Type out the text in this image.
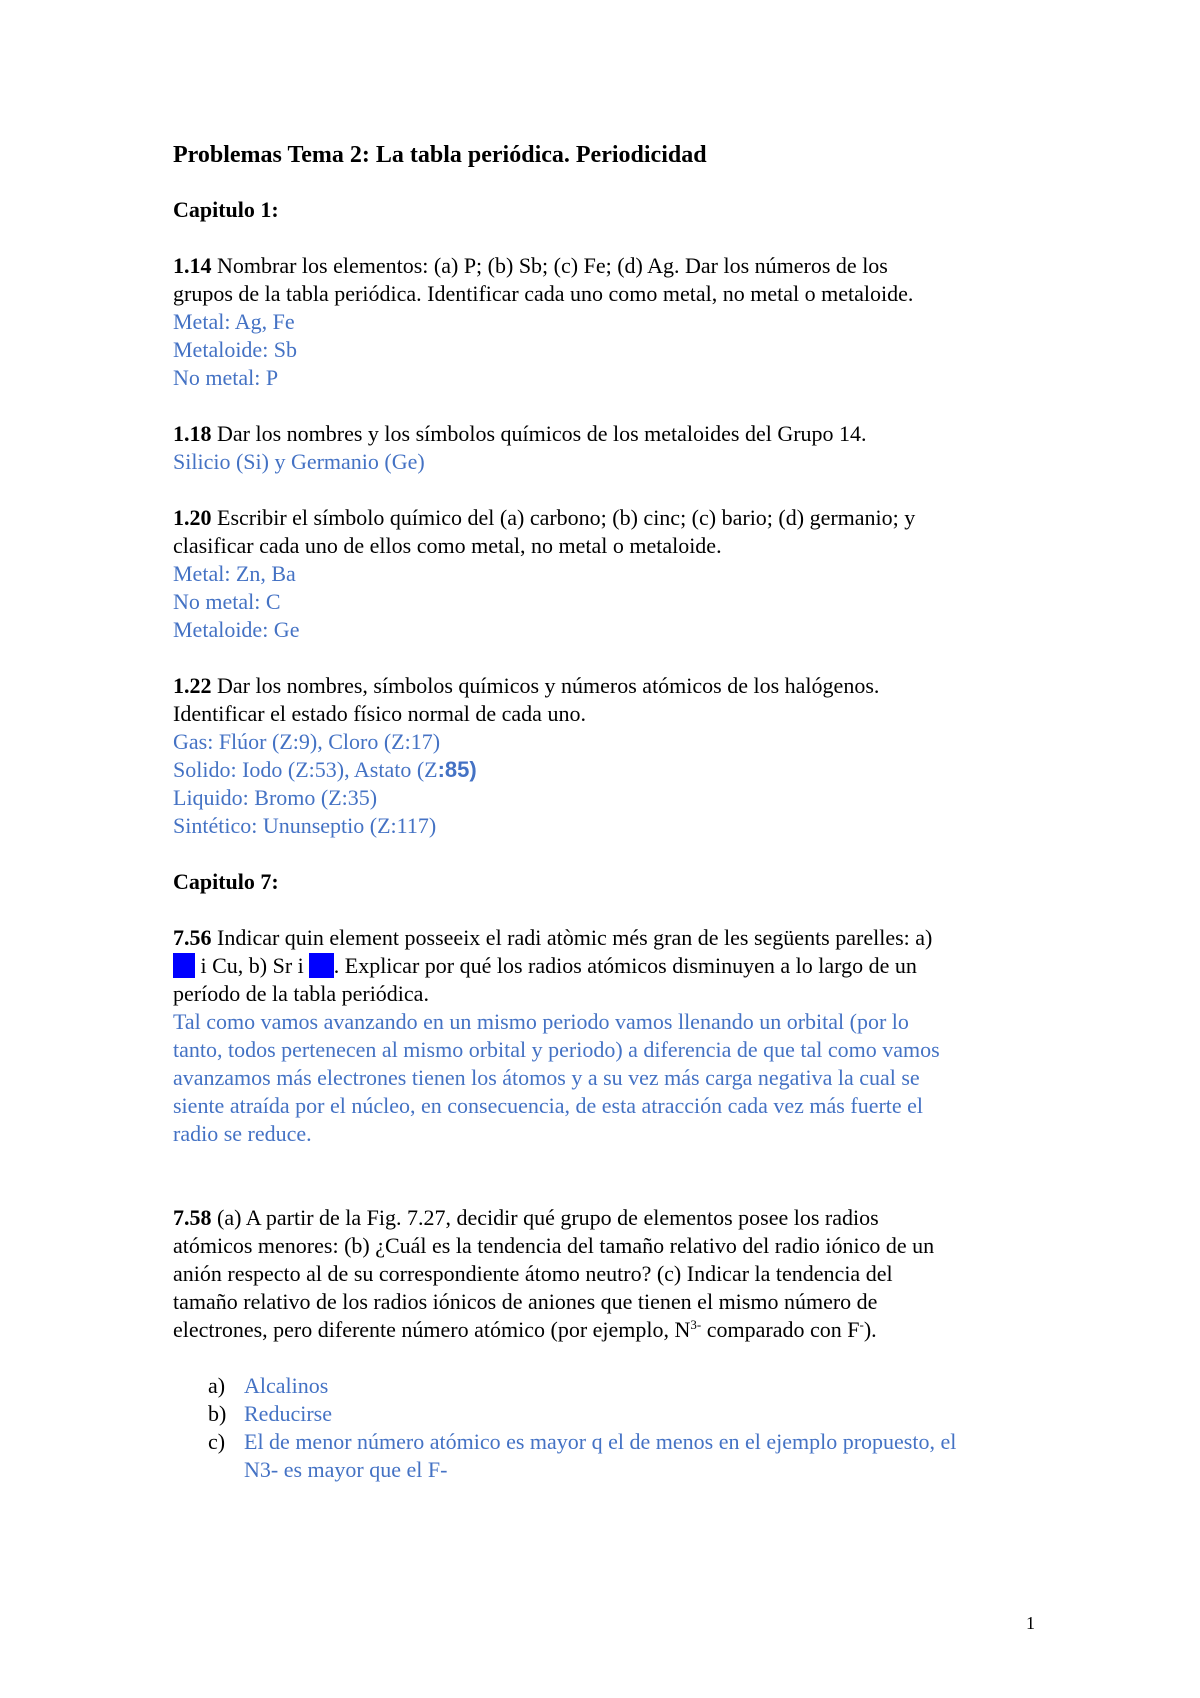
Problemas Tema 2: La tabla periódica. Periodicidad
Capitulo 1:
1.14 Nombrar los elementos: (a) P; (b) Sb; (c) Fe; (d) Ag. Dar los números de los
grupos de la tabla periódica. Identificar cada uno como metal, no metal o metaloide.
Metal: Ag, Fe
Metaloide: Sb
No metal: P
1.18 Dar los nombres y los símbolos químicos de los metaloides del Grupo 14.
Silicio (Si) y Germanio (Ge)
1.20 Escribir el símbolo químico del (a) carbono; (b) cinc; (c) bario; (d) germanio; y
clasificar cada uno de ellos como metal, no metal o metaloide.
Metal: Zn, Ba
No metal: C
Metaloide: Ge
1.22 Dar los nombres, símbolos químicos y números atómicos de los halógenos.
Identificar el estado físico normal de cada uno.
Gas: Flúor (Z:9), Cloro (Z:17)
Solido: Iodo (Z:53), Astato (Z:85)
Liquido: Bromo (Z:35)
Sintético: Ununseptio (Z:117)
Capitulo 7:
7.56 Indicar quin element posseeix el radi atòmic més gran de les següents parelles: a)
Fe i Cu, b) Sr i Ba. Explicar por qué los radios atómicos disminuyen a lo largo de un
período de la tabla periódica.
Tal como vamos avanzando en un mismo periodo vamos llenando un orbital (por lo
tanto, todos pertenecen al mismo orbital y periodo) a diferencia de que tal como vamos
avanzamos más electrones tienen los átomos y a su vez más carga negativa la cual se
siente atraída por el núcleo, en consecuencia, de esta atracción cada vez más fuerte el
radio se reduce.
7.58 (a) A partir de la Fig. 7.27, decidir qué grupo de elementos posee los radios
atómicos menores: (b) ¿Cuál es la tendencia del tamaño relativo del radio iónico de un
anión respecto al de su correspondiente átomo neutro? (c) Indicar la tendencia del
tamaño relativo de los radios iónicos de aniones que tienen el mismo número de
electrones, pero diferente número atómico (por ejemplo, $N^{3-}$ comparado con F-).
a) Alcalinos
b) Reducirse
c) El de menor número atómico es mayor q el de menos en el ejemplo propuesto, el
N3- es mayor que el F-
1
